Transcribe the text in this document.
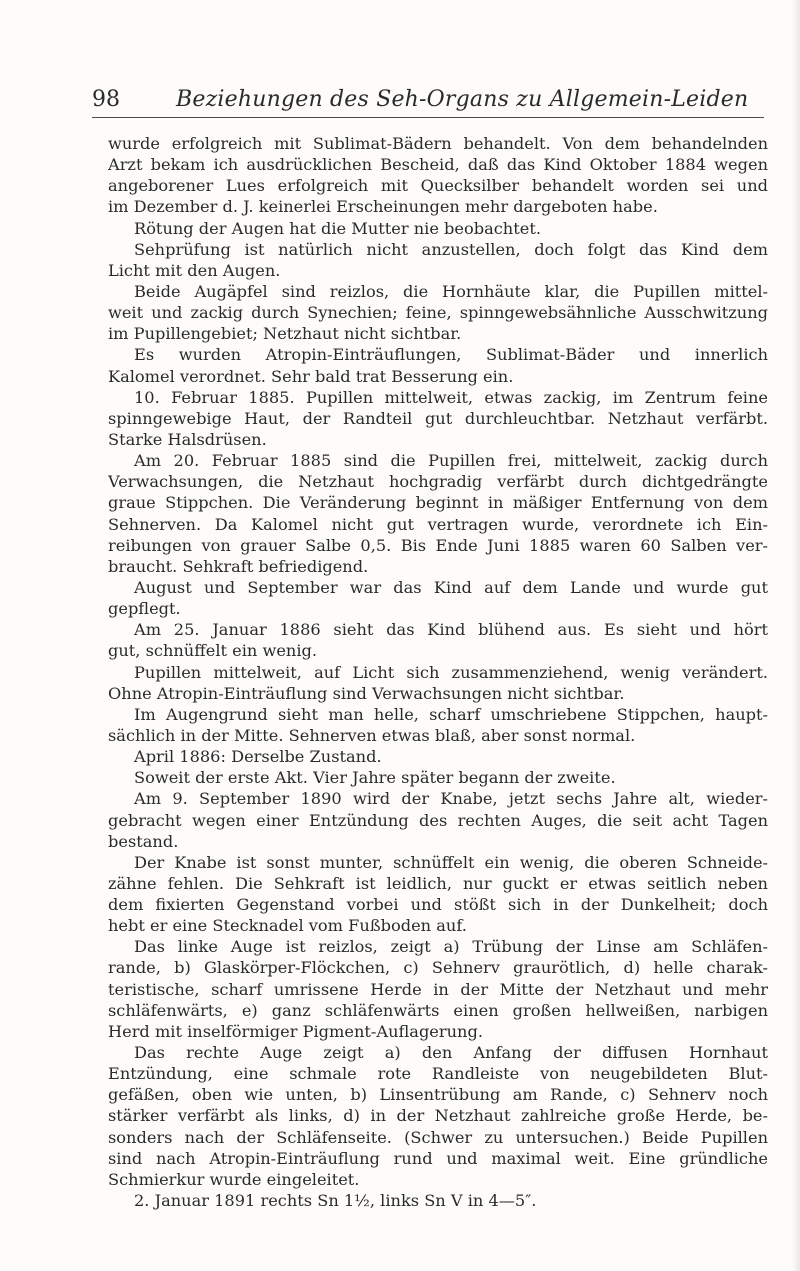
98	Beziehungen des Seh-Organs zu Allgemein-Leiden
wurde erfolgreich mit Sublimat-Bädern behandelt. Von dem behandelnden
Arzt bekam ich ausdrücklichen Bescheid, daß das Kind Oktober 1884 wegen
angeborener Lues erfolgreich mit Quecksilber behandelt worden sei und
im Dezember d. J. keinerlei Erscheinungen mehr dargeboten habe.
Rötung der Augen hat die Mutter nie beobachtet.
Sehprüfung ist natürlich nicht anzustellen, doch folgt das Kind dem
Licht mit den Augen.
Beide Augäpfel sind reizlos, die Hornhäute klar, die Pupillen mittel-
weit und zackig durch Synechien; feine, spinngewebsähnliche Ausschwitzung
im Pupillengebiet; Netzhaut nicht sichtbar.
Es wurden Atropin-Einträuflungen, Sublimat-Bäder und innerlich
Kalomel verordnet. Sehr bald trat Besserung ein.
10. Februar 1885. Pupillen mittelweit, etwas zackig, im Zentrum feine
spinngewebige Haut, der Randteil gut durchleuchtbar. Netzhaut verfärbt.
Starke Halsdrüsen.
Am 20. Februar 1885 sind die Pupillen frei, mittelweit, zackig durch
Verwachsungen, die Netzhaut hochgradig verfärbt durch dichtgedrängte
graue Stippchen. Die Veränderung beginnt in mäßiger Entfernung von dem
Sehnerven. Da Kalomel nicht gut vertragen wurde, verordnete ich Ein-
reibungen von grauer Salbe 0,5. Bis Ende Juni 1885 waren 60 Salben ver-
braucht. Sehkraft befriedigend.
August und September war das Kind auf dem Lande und wurde gut
gepflegt.
Am 25. Januar 1886 sieht das Kind blühend aus. Es sieht und hört
gut, schnüffelt ein wenig.
Pupillen mittelweit, auf Licht sich zusammenziehend, wenig verändert.
Ohne Atropin-Einträuflung sind Verwachsungen nicht sichtbar.
Im Augengrund sieht man helle, scharf umschriebene Stippchen, haupt-
sächlich in der Mitte. Sehnerven etwas blaß, aber sonst normal.
April 1886: Derselbe Zustand.
Soweit der erste Akt. Vier Jahre später begann der zweite.
Am 9. September 1890 wird der Knabe, jetzt sechs Jahre alt, wieder-
gebracht wegen einer Entzündung des rechten Auges, die seit acht Tagen
bestand.
Der Knabe ist sonst munter, schnüffelt ein wenig, die oberen Schneide-
zähne fehlen. Die Sehkraft ist leidlich, nur guckt er etwas seitlich neben
dem fixierten Gegenstand vorbei und stößt sich in der Dunkelheit; doch
hebt er eine Stecknadel vom Fußboden auf.
Das linke Auge ist reizlos, zeigt a) Trübung der Linse am Schläfen-
rande, b) Glaskörper-Flöckchen, c) Sehnerv graurötlich, d) helle charak-
teristische, scharf umrissene Herde in der Mitte der Netzhaut und mehr
schläfenwärts, e) ganz schläfenwärts einen großen hellweißen, narbigen
Herd mit inselförmiger Pigment-Auflagerung.
Das rechte Auge zeigt a) den Anfang der diffusen Hornhaut
Entzündung, eine schmale rote Randleiste von neugebildeten Blut-
gefäßen, oben wie unten, b) Linsentrübung am Rande, c) Sehnerv noch
stärker verfärbt als links, d) in der Netzhaut zahlreiche große Herde, be-
sonders nach der Schläfenseite. (Schwer zu untersuchen.) Beide Pupillen
sind nach Atropin-Einträuflung rund und maximal weit. Eine gründliche
Schmierkur wurde eingeleitet.
2. Januar 1891 rechts Sn 1½, links Sn V in 4—5″.
